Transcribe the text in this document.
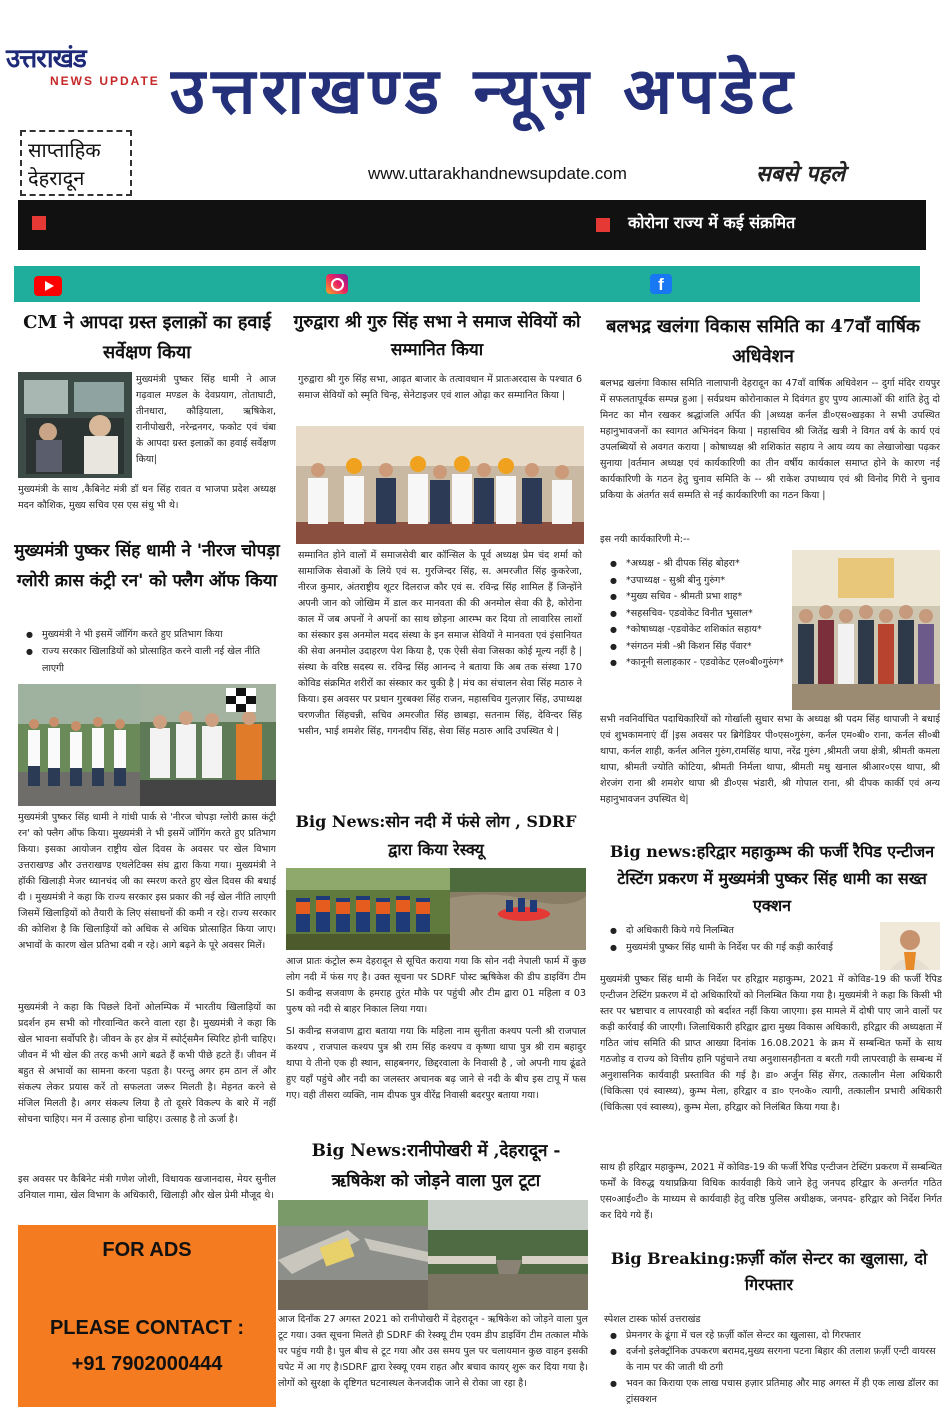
उत्तराखंड
NEWS UPDATE उत्तराखण्ड न्यूज़ अपडेट
साप्ताहिक
देहरादून	www.uttarakhandnewsupdate.com	सबसे पहले
कोरोना राज्य में कई संक्रमित
f
CM ने आपदा ग्रस्त इलाक़ों का हवाई सर्वेक्षण किया
मुख्यमंत्री पुष्कर सिंह धामी ने आज गढ़वाल मण्डल के देवप्रयाग, तोताघाटी, तीनधारा, कौड़ियाला, ऋषिकेश, रानीपोखरी, नरेन्द्रनगर, फकोट एवं चंबा के आपदा ग्रस्त इलाक़ों का हवाई सर्वेक्षण किया|
मुख्यमंत्री के साथ ,कैबिनेट मंत्री डॉ धन सिंह रावत व भाजपा प्रदेश अध्यक्ष मदन कौशिक, मुख्य सचिव एस एस संधु भी थे।
मुख्यमंत्री पुष्कर सिंह धामी ने 'नीरज चोपड़ा ग्लोरी क्रास कंट्री रन' को फ्लैग ऑफ किया
● मुख्यमंत्री ने भी इसमें जॉगिंग करते हुए प्रतिभाग किया
● राज्य सरकार खिलाडियों को प्रोत्साहित करने वाली नई खेल नीति लाएगी
मुख्यमंत्री पुष्कर सिंह धामी ने गांधी पार्क से 'नीरज चोपड़ा ग्लोरी क्रास कंट्री रन' को फ्लैग ऑफ किया। मुख्यमंत्री ने भी इसमें जॉगिंग करते हुए प्रतिभाग किया। इसका आयोजन राष्ट्रीय खेल दिवस के अवसर पर खेल विभाग उत्तराखण्ड और उत्तराखण्ड एथलेटिक्स संघ द्वारा किया गया। मुख्यमंत्री ने हॉकी खिलाड़ी मेजर ध्यानचंद जी का स्मरण करते हुए खेल दिवस की बधाई दी । मुख्यमंत्री ने कहा कि राज्य सरकार इस प्रकार की नई खेल नीति लाएगी जिसमें खिलाड़ियों को तैयारी के लिए संसाधनों की कमी न रहे। राज्य सरकार की कोशिश है कि खिलाड़ियों को अधिक से अधिक प्रोत्साहित किया जाए। अभावों के कारण खेल प्रतिभा दबी न रहे। आगे बढ़ने के पूरे अवसर मिलें।
मुख्यमंत्री ने कहा कि पिछले दिनों ओलम्पिक में भारतीय खिलाड़ियों का प्रदर्शन हम सभी को गौरवान्वित करने वाला रहा है। मुख्यमंत्री ने कहा कि खेल भावना सर्वोपरि है। जीवन के हर क्षेत्र में स्पोर्ट्समैन स्पिरिट होनी चाहिए। जीवन में भी खेल की तरह कभी आगे बढते हैं कभी पीछे हटते हैं। जीवन में बहुत से अभावों का सामना करना पड़ता है। परन्तु अगर हम ठान लें और संकल्प लेकर प्रयास करें तो सफलता जरूर मिलती है। मेहनत करने से मंजिल मिलती है। अगर संकल्प लिया है तो दूसरे विकल्प के बारे में नहीं सोचना चाहिए। मन में उत्साह होना चाहिए। उत्साह है तो ऊर्जा है।
इस अवसर पर कैबिनेट मंत्री गणेश जोशी, विधायक खजानदास, मेयर सुनील उनियाल गामा, खेल विभाग के अधिकारी, खिलाड़ी और खेल प्रेमी मौजूद थे।
FOR ADS
PLEASE CONTACT :
+91 7902000444
गुरुद्वारा श्री गुरु सिंह सभा ने समाज सेवियों को सम्मानित किया
गुरुद्वारा श्री गुरु सिंह सभा, आढ़त बाजार के तत्वावधान में प्रातःअरदास के पश्चात 6 समाज सेवियों को स्मृति चिन्ह, सेनेटाइजर एवं शाल ओढ़ा कर सम्मानित किया |
सम्मानित होने वालों में समाजसेवी बार कॉन्सिल के पूर्व अध्यक्ष प्रेम चंद शर्मा को सामाजिक सेवाओं के लिये एवं स. गुरजिन्दर सिंह, स. अमरजीत सिंह कुकरेजा, नीरज कुमार, अंतराष्ट्रीय शूटर दिलराज कौर एवं स. रविन्द्र सिंह शामिल हैं जिन्होंने अपनी जान को जोखिम में डाल कर मानवता की की अनमोल सेवा की है, कोरोना काल में जब अपनों ने अपनों का साथ छोड़ना आरम्भ कर दिया तो लावारिस लाशों का संस्कार इस अनमोल मदद संस्था के इन समाज सेवियों ने मानवता एवं इंसानियत की सेवा अनमोल उदाहरण पेश किया है, एक ऐसी सेवा जिसका कोई मूल्य नहीं है | संस्था के वरिष्ठ सदस्य स. रविन्द्र सिंह आनन्द ने बताया कि अब तक संस्था 170 कोविड संक्रमित शरीरों का संस्कार कर चुकी है | मंच का संचालन सेवा सिंह मठारु ने किया। इस अवसर पर प्रधान गुरबक्श सिंह राजन, महासचिव गुलज़ार सिंह, उपाध्यक्ष चरणजीत सिंहचन्नी, सचिव अमरजीत सिंह छाबड़ा, सतनाम सिंह, देविन्दर सिंह भसीन, भाई शमशेर सिंह, गगनदीप सिंह, सेवा सिंह मठारु आदि उपस्थित थे |
Big News:सोन नदी में फंसे लोग , SDRF द्वारा किया रेस्क्यू
आज प्रातः कंट्रोल रूम देहरादून से सूचित कराया गया कि सोन नदी नेपाली फार्म में कुछ लोग नदी में फंस गए है। उक्त सूचना पर SDRF पोस्ट ऋषिकेश की डीप डाइविंग टीम SI कवीन्द्र सजवाण के हमराह तुरंत मौके पर पहुंची और टीम द्वारा 01 महिला व 03 पुरुष को नदी से बाहर निकाल लिया गया।
SI कवीन्द्र सजवाण द्वारा बताया गया कि महिला नाम सुनीता कश्यप पत्नी श्री राजपाल कश्यप , राजपाल कश्यप पुत्र श्री राम सिंह कश्यप व कृष्णा थापा पुत्र श्री राम बहादुर थापा ये तीनो एक ही स्थान, साहबनगर, छिद्दरवाला के निवासी है , जो अपनी गाय ढूंढते हुए यहाँ पहुंचे और नदी का जलस्तर अचानक बढ़ जाने से नदी के बीच इस टापू में फस गए। वही तीसरा व्यक्ति, नाम दीपक पुत्र वीरेंद्र निवासी बदरपुर बताया गया।
Big News:रानीपोखरी में ,देहरादून - ऋषिकेश को जोड़ने वाला पुल टूटा
आज दिनाँक 27 अगस्त 2021 को रानीपोखरी में देहरादून - ऋषिकेश को जोड़ने वाला पुल टूट गया। उक्त सूचना मिलते ही SDRF की रेस्क्यू टीम एवम डीप डाइविंग टीम तत्काल मौके पर पहुंच गयी है। पुल बीच से टूट गया और उस समय पुल पर चलायमान कुछ वाहन इसकी चपेट में आ गए है।SDRF द्वारा रेस्क्यू एवम राहत और बचाव कायर् शुरू कर दिया गया है।लोगों को सुरक्षा के दृष्टिगत घटनास्थल केनजदीक जाने से रोका जा रहा है।
बलभद्र खलंगा विकास समिति का 47वाँ वार्षिक अधिवेशन
बलभद्र खलंगा विकास समिति नालापानी देहरादून का 47वाँ वार्षिक अधिवेशन -- दुर्गा मंदिर रायपुर में सफलतापूर्वक सम्पन्न हुआ | सर्वप्रथम कोरोनाकाल मे दिवंगत हुए पुण्य आत्माओं की शांति हेतु दो मिनट का मौन रखकर श्रद्धांजलि अर्पित की |अध्यक्ष कर्नल डी०एस०खड़का ने सभी उपस्थित महानुभावजनों का स्वागत अभिनंदन किया | महासचिव श्री जितेंद्र खत्री ने विगत वर्ष के कार्य एवं उपलब्धियों से अवगत कराया | कोषाध्यक्ष श्री शशिकांत सहाय ने आय व्यय का लेखाजोखा पढ़कर सुनाया |वर्तमान अध्यक्ष एवं कार्यकारिणी का तीन वर्षीय कार्यकाल समाप्त होने के कारण नई कार्यकारिणी के गठन हेतु चुनाव समिति के -- श्री राकेश उपाध्याय एवं श्री विनोद गिरी ने चुनाव प्रकिया के अंतर्गत सर्व सम्मति से नई कार्यकारिणी का गठन किया |
इस नयी कार्यकारिणी मे:--
● *अध्यक्ष - श्री दीपक सिंह बोहरा*
● *उपाध्यक्ष - सुश्री बीनु गुरुंग*
● *मुख्य सचिव - श्रीमती प्रभा शाह*
● *सहसचिव- एडवोकेट विनीत भुसाल*
● *कोषाध्यक्ष -एडवोकेट शशिकांत सहाय*
● *संगठन मंत्री -श्री किशन सिंह पँवार*
● *कानूनी सलाहकार - एडवोकेट एल०बी०गुरुंग*
सभी नवनिर्वाचित पदाधिकारियों को गोर्खाली सुधार सभा के अध्यक्ष श्री पदम सिंह थापाजी ने बधाई एवं शुभकामनाएं दीं |इस अवसर पर ब्रिगेडियर पी०एस०गुरुंग, कर्नल एम०बी० राना, कर्नल सी०बी थापा, कर्नल शाही, कर्नल अनिल गुरुंग,रामसिंह थापा, नरेंद्र गुरुंग ,श्रीमती जया क्षेत्री, श्रीमती कमला थापा, श्रीमती ज्योति कोटिया, श्रीमती निर्मला थापा, श्रीमती मधु खनाल श्रीआर०एस थापा, श्री शेरजंग राना श्री शमशेर थापा श्री डी०एस भंडारी, श्री गोपाल राना, श्री दीपक कार्की एवं अन्य महानुभावजन उपस्थित थे|
Big news:हरिद्वार महाकुम्भ की फर्जी रैपिड एन्टीजन टेस्टिंग प्रकरण में मुख्यमंत्री पुष्कर सिंह धामी का सख्त एक्शन
● दो अधिकारी किये गये निलम्बित
● मुख्यमंत्री पुष्कर सिंह धामी के निर्देश पर की गई कड़ी कार्रवाई
मुख्यमंत्री पुष्कर सिंह धामी के निर्देश पर हरिद्वार महाकुम्भ, 2021 में कोविड-19 की फर्जी रैपिड एन्टीजन टेस्टिंग प्रकरण में दो अधिकारियों को निलम्बित किया गया है। मुख्यमंत्री ने कहा कि किसी भी स्तर पर भ्रष्टाचार व लापरवाही को बर्दाश्त नहीं किया जाएगा। इस मामले में दोषी पाए जाने वालों पर कड़ी कार्रवाई की जाएगी। जिलाधिकारी हरिद्वार द्वारा मुख्य विकास अधिकारी, हरिद्वार की अध्यक्षता में गठित जांच समिति की प्राप्त आख्या दिनांक 16.08.2021 के क्रम में सम्बन्धित फर्मो के साथ गठजोड़ व राज्य को वित्तीय हानि पहुंचाने तथा अनुशासनहीनता व बरती गयी लापरवाही के सम्बन्ध में अनुशासनिक कार्यवाही प्रस्तावित की गई है। डा० अर्जुन सिंह सेंगर, तत्कालीन मेला अधिकारी (चिकित्सा एवं स्वास्थ्य), कुम्भ मेला, हरिद्वार व डा० एन०के० त्यागी, तत्कालीन प्रभारी अधिकारी (चिकित्सा एवं स्वास्थ्य), कुम्भ मेला, हरिद्वार को निलंबित किया गया है।
साथ ही हरिद्वार महाकुम्भ, 2021 में कोविड-19 की फर्जी रैपिड एन्टीजन टेस्टिंग प्रकरण में सम्बन्धित फर्मों के विरुद्ध यथाप्रक्रिया विधिक कार्यवाही किये जाने हेतु जनपद हरिद्वार के अन्तर्गत गठित एस०आई०टी० के माध्यम से कार्यवाही हेतु वरिष्ठ पुलिस अधीक्षक, जनपद- हरिद्वार को निर्देश निर्गत कर दिये गये हैं।
Big Breaking:फ़र्ज़ी कॉल सेन्टर का खुलासा, दो गिरफ्तार
स्पेशल टास्क फोर्स उत्तराखंड
● प्रेमनगर के ढूंगा में चल रहे फ़र्ज़ी कॉल सेन्टर का खुलासा, दो गिरफ्तार
● दर्जनो इलेक्ट्रॉनिक उपकरण बरामद,मुख्य सरगना पटना बिहार की तलाश फ़र्ज़ी एन्टी वायरस के नाम पर की जाती थी ठगी
● भवन का किराया एक लाख पचास हज़ार प्रतिमाह और माह अगस्त में ही एक लाख डॉलर का ट्रांसक्शन
